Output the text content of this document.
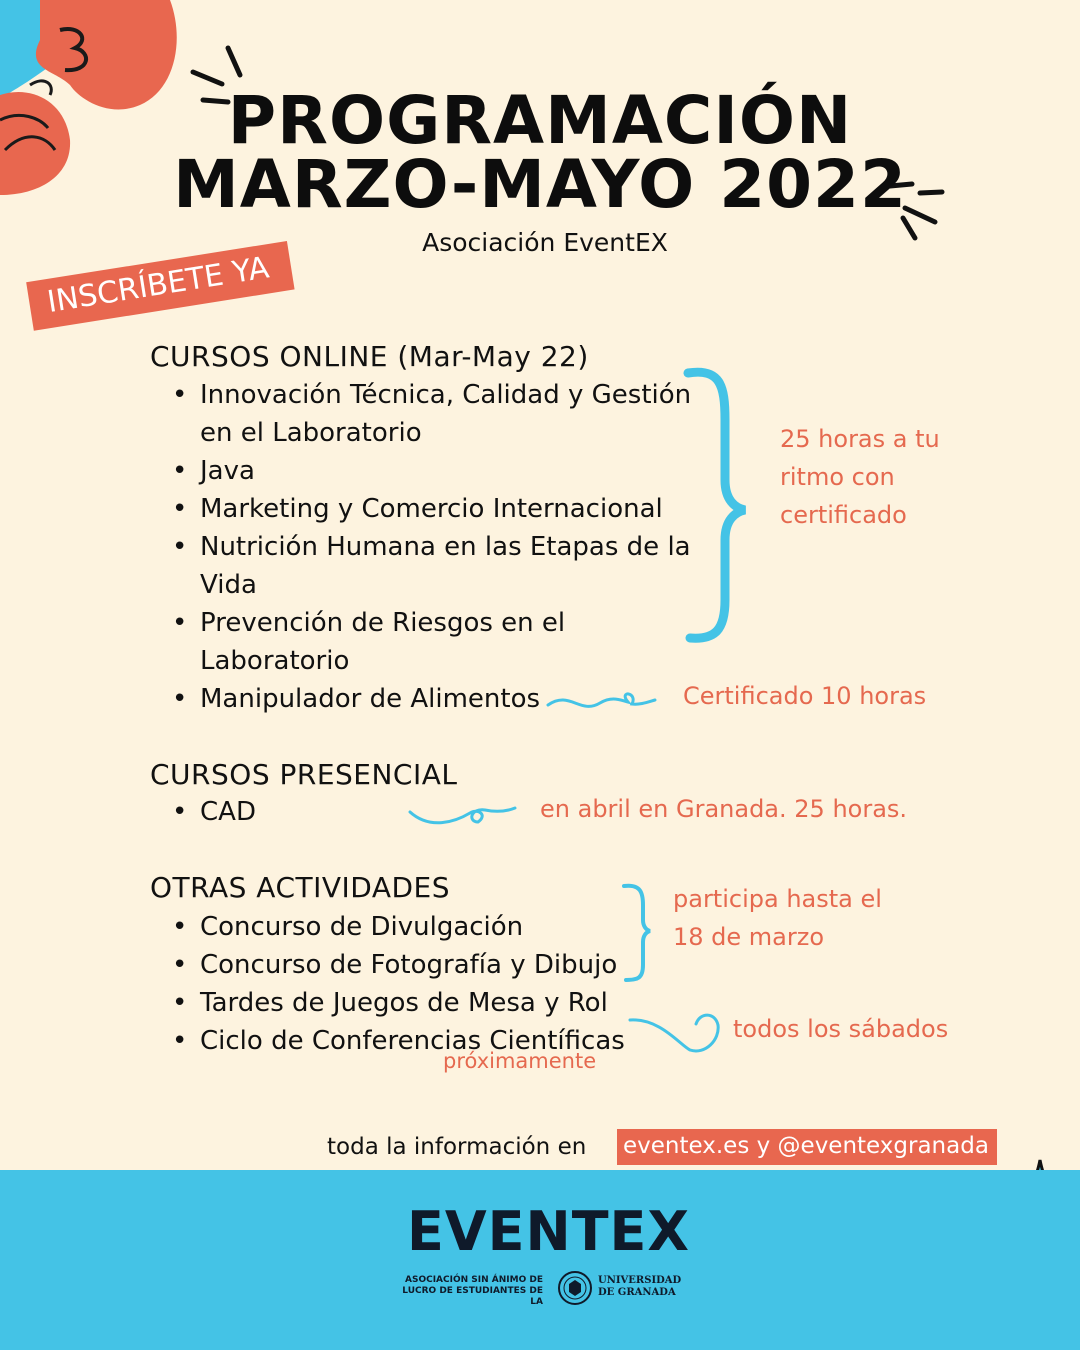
PROGRAMACIÓN
MARZO-MAYO 2022
Asociación EventEX
INSCRÍBETE YA
CURSOS ONLINE (Mar-May 22)
• Innovación Técnica, Calidad y Gestión en el Laboratorio
• Java
• Marketing y Comercio Internacional
• Nutrición Humana en las Etapas de la Vida
• Prevención de Riesgos en el Laboratorio
• Manipulador de Alimentos
25 horas a tu ritmo con certificado
Certificado 10 horas
CURSOS PRESENCIAL
• CAD	en abril en Granada. 25 horas.
OTRAS ACTIVIDADES
• Concurso de Divulgación
• Concurso de Fotografía y Dibujo
• Tardes de Juegos de Mesa y Rol
• Ciclo de Conferencias Científicas
participa hasta el 18 de marzo
todos los sábados
próximamente
toda la información en eventex.es y @eventexgranada
EVENTEX
ASOCIACIÓN SIN ÁNIMO DE LUCRO DE ESTUDIANTES DE LA
UNIVERSIDAD DE GRANADA
